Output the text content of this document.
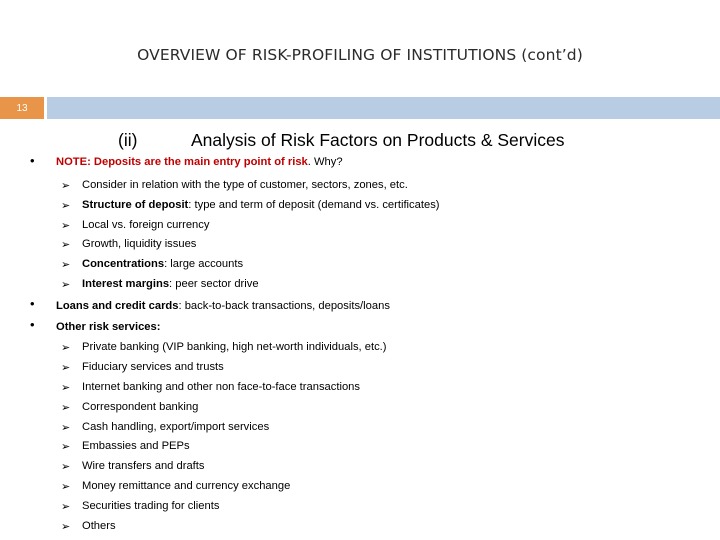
OVERVIEW OF RISK-PROFILING OF INSTITUTIONS (cont’d)
13
(ii)	Analysis of Risk Factors on Products & Services
• NOTE: Deposits are the main entry point of risk. Why?
➢ Consider in relation with the type of customer, sectors, zones, etc.
➢ Structure of deposit: type and term of deposit (demand vs. certificates)
➢ Local vs. foreign currency
➢ Growth, liquidity issues
➢ Concentrations: large accounts
➢ Interest margins: peer sector drive
• Loans and credit cards: back-to-back transactions, deposits/loans
• Other risk services:
➢ Private banking (VIP banking, high net-worth individuals, etc.)
➢ Fiduciary services and trusts
➢ Internet banking and other non face-to-face transactions
➢ Correspondent banking
➢ Cash handling, export/import services
➢ Embassies and PEPs
➢ Wire transfers and drafts
➢ Money remittance and currency exchange
➢ Securities trading for clients
➢ Others
